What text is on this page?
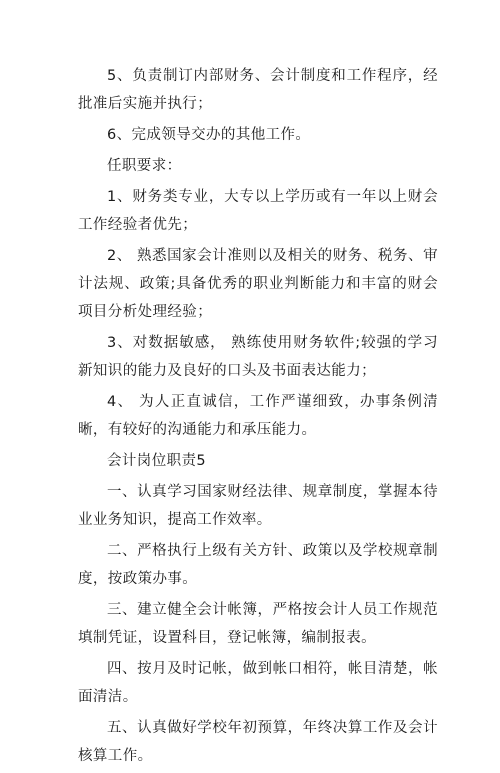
5、负责制订内部财务、会计制度和工作程序，经批准后实施并执行；

6、完成领导交办的其他工作。

任职要求：

1、财务类专业，大专以上学历或有一年以上财会工作经验者优先；

2、 熟悉国家会计准则以及相关的财务、税务、审计法规、政策;具备优秀的职业判断能力和丰富的财会项目分析处理经验；

3、对数据敏感， 熟练使用财务软件;较强的学习新知识的能力及良好的口头及书面表达能力；

4、 为人正直诚信，工作严谨细致，办事条例清晰，有较好的沟通能力和承压能力。

会计岗位职责5

一、认真学习国家财经法律、规章制度，掌握本待业业务知识，提高工作效率。

二、严格执行上级有关方针、政策以及学校规章制度，按政策办事。

三、建立健全会计帐簿，严格按会计人员工作规范填制凭证，设置科目，登记帐簿，编制报表。

四、按月及时记帐，做到帐口相符，帐目清楚，帐面清洁。

五、认真做好学校年初预算，年终决算工作及会计核算工作。
